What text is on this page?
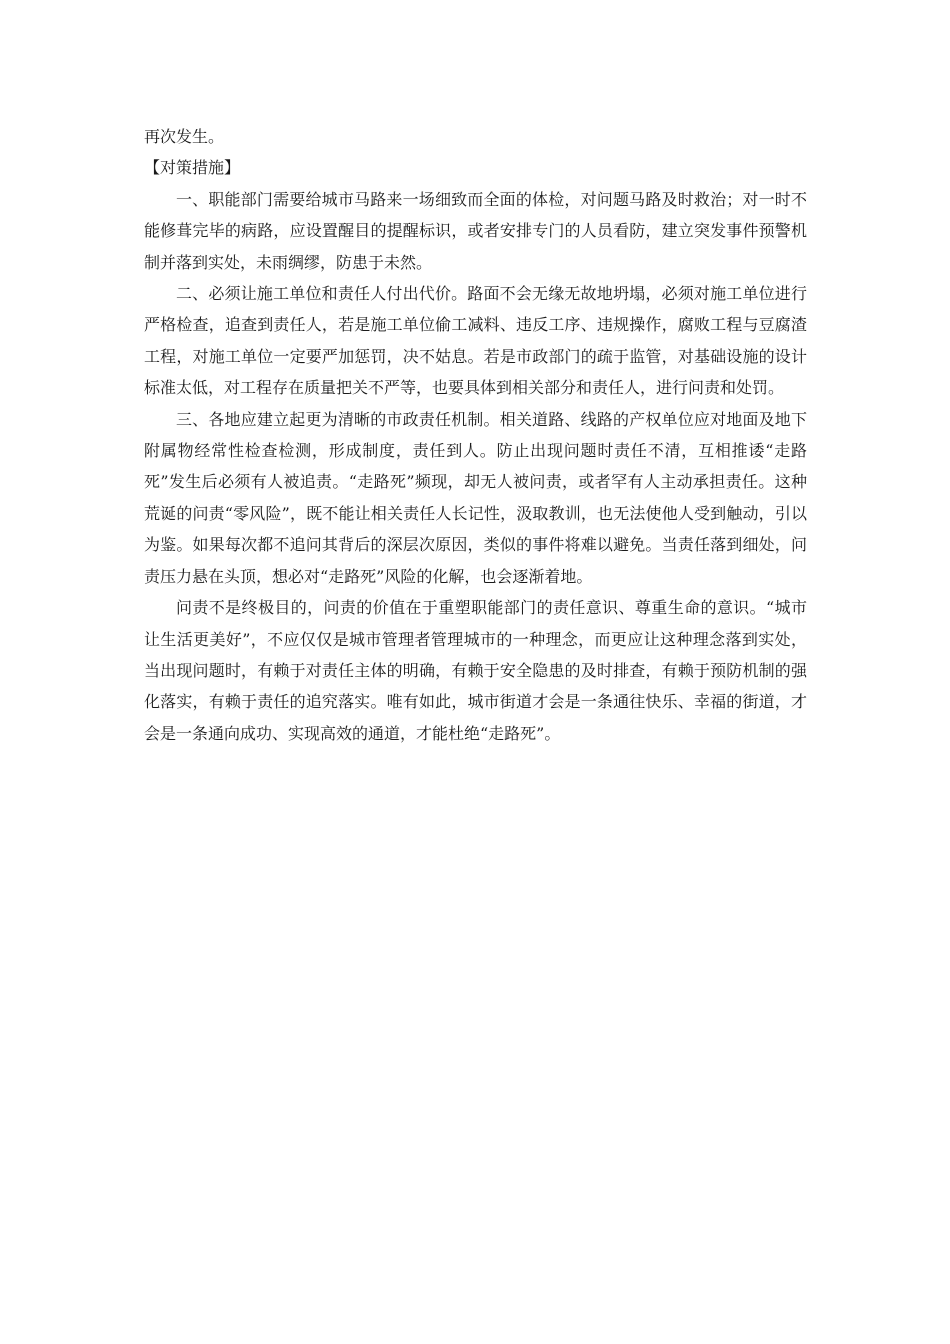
再次发生。

【对策措施】

一、职能部门需要给城市马路来一场细致而全面的体检，对问题马路及时救治；对一时不能修葺完毕的病路，应设置醒目的提醒标识，或者安排专门的人员看防，建立突发事件预警机制并落到实处，未雨绸缪，防患于未然。

二、必须让施工单位和责任人付出代价。路面不会无缘无故地坍塌，必须对施工单位进行严格检查，追查到责任人，若是施工单位偷工减料、违反工序、违规操作，腐败工程与豆腐渣工程，对施工单位一定要严加惩罚，决不姑息。若是市政部门的疏于监管，对基础设施的设计标准太低，对工程存在质量把关不严等，也要具体到相关部分和责任人，进行问责和处罚。

三、各地应建立起更为清晰的市政责任机制。相关道路、线路的产权单位应对地面及地下附属物经常性检查检测，形成制度，责任到人。防止出现问题时责任不清，互相推诿“走路死”发生后必须有人被追责。“走路死”频现，却无人被问责，或者罕有人主动承担责任。这种荒诞的问责“零风险”，既不能让相关责任人长记性，汲取教训，也无法使他人受到触动，引以为鉴。如果每次都不追问其背后的深层次原因，类似的事件将难以避免。当责任落到细处，问责压力悬在头顶，想必对“走路死”风险的化解，也会逐渐着地。

问责不是终极目的，问责的价值在于重塑职能部门的责任意识、尊重生命的意识。“城市让生活更美好”，不应仅仅是城市管理者管理城市的一种理念，而更应让这种理念落到实处，当出现问题时，有赖于对责任主体的明确，有赖于安全隐患的及时排查，有赖于预防机制的强化落实，有赖于责任的追究落实。唯有如此，城市街道才会是一条通往快乐、幸福的街道，才会是一条通向成功、实现高效的通道，才能杜绝“走路死”。
